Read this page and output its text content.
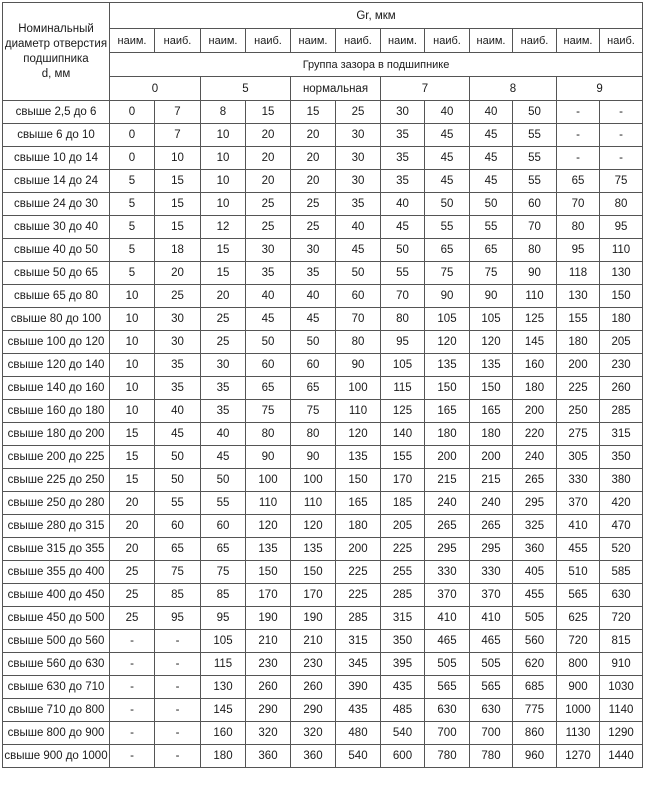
Номинальный
диаметр отверстия
подшипника
d, мм	Gr, мкм											
	наим.	наиб.	наим.	наиб.	наим.	наиб.	наим.	наиб.	наим.	наиб.	наим.	наиб.
	Группа зазора в подшипнике											
	0		5		нормальная		7		8		9	
свыше 2,5 до 6	0	7	8	15	15	25	30	40	40	50	-	-
свыше 6 до 10	0	7	10	20	20	30	35	45	45	55	-	-
свыше 10 до 14	0	10	10	20	20	30	35	45	45	55	-	-
свыше 14 до 24	5	15	10	20	20	30	35	45	45	55	65	75
свыше 24 до 30	5	15	10	25	25	35	40	50	50	60	70	80
свыше 30 до 40	5	15	12	25	25	40	45	55	55	70	80	95
свыше 40 до 50	5	18	15	30	30	45	50	65	65	80	95	110
свыше 50 до 65	5	20	15	35	35	50	55	75	75	90	118	130
свыше 65 до 80	10	25	20	40	40	60	70	90	90	110	130	150
свыше 80 до 100	10	30	25	45	45	70	80	105	105	125	155	180
свыше 100 до 120	10	30	25	50	50	80	95	120	120	145	180	205
свыше 120 до 140	10	35	30	60	60	90	105	135	135	160	200	230
свыше 140 до 160	10	35	35	65	65	100	115	150	150	180	225	260
свыше 160 до 180	10	40	35	75	75	110	125	165	165	200	250	285
свыше 180 до 200	15	45	40	80	80	120	140	180	180	220	275	315
свыше 200 до 225	15	50	45	90	90	135	155	200	200	240	305	350
свыше 225 до 250	15	50	50	100	100	150	170	215	215	265	330	380
свыше 250 до 280	20	55	55	110	110	165	185	240	240	295	370	420
свыше 280 до 315	20	60	60	120	120	180	205	265	265	325	410	470
свыше 315 до 355	20	65	65	135	135	200	225	295	295	360	455	520
свыше 355 до 400	25	75	75	150	150	225	255	330	330	405	510	585
свыше 400 до 450	25	85	85	170	170	225	285	370	370	455	565	630
свыше 450 до 500	25	95	95	190	190	285	315	410	410	505	625	720
свыше 500 до 560	-	-	105	210	210	315	350	465	465	560	720	815
свыше 560 до 630	-	-	115	230	230	345	395	505	505	620	800	910
свыше 630 до 710	-	-	130	260	260	390	435	565	565	685	900	1030
свыше 710 до 800	-	-	145	290	290	435	485	630	630	775	1000	1140
свыше 800 до 900	-	-	160	320	320	480	540	700	700	860	1130	1290
свыше 900 до 1000	-	-	180	360	360	540	600	780	780	960	1270	1440
